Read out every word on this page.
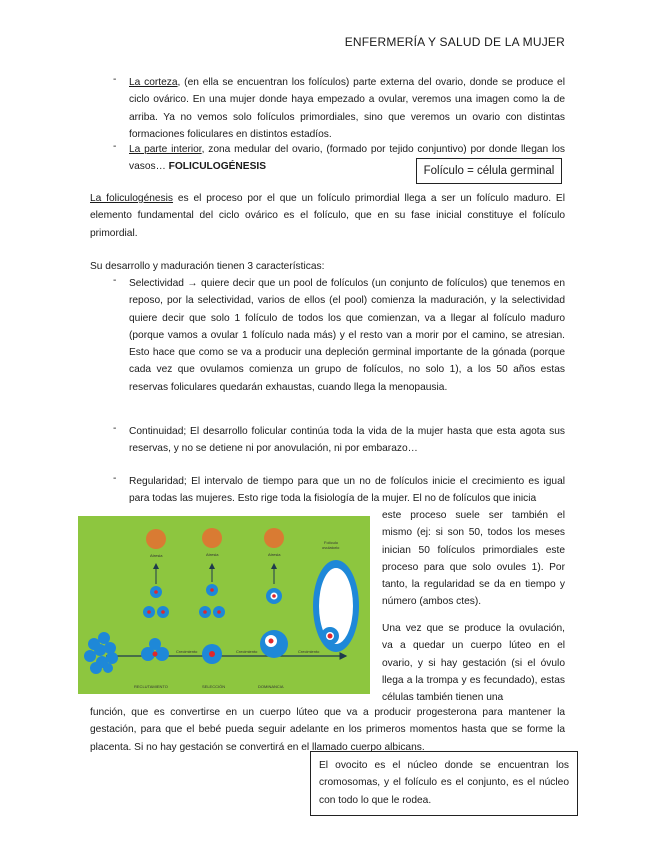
ENFERMERÍA Y SALUD DE LA MUJER
- La corteza, (en ella se encuentran los folículos) parte externa del ovario, donde se produce el ciclo ovárico. En una mujer donde haya empezado a ovular, veremos una imagen como la de arriba. Ya no vemos solo folículos primordiales, sino que veremos un ovario con distintas formaciones foliculares en distintos estadíos.

- La parte interior, zona medular del ovario, (formado por tejido conjuntivo) por donde llegan los vasos… FOLICULOGÉNESIS	Folículo = célula germinal

La foliculogénesis es el proceso por el que un folículo primordial llega a ser un folículo maduro. El elemento fundamental del ciclo ovárico es el folículo, que en su fase inicial constituye el folículo primordial.

Su desarrollo y maduración tienen 3 características:

- Selectividad → quiere decir que un pool de folículos (un conjunto de folículos) que tenemos en reposo, por la selectividad, varios de ellos (el pool) comienza la maduración, y la selectividad quiere decir que solo 1 folículo de todos los que comienzan, va a llegar al folículo maduro (porque vamos a ovular 1 folículo nada más) y el resto van a morir por el camino, se atresian. Esto hace que como se va a producir una depleción germinal importante de la gónada (porque cada vez que ovulamos comienza un grupo de folículos, no solo 1), a los 50 años estas reservas foliculares quedarán exhaustas, cuando llega la menopausia.

- Continuidad; El desarrollo folicular continúa toda la vida de la mujer hasta que esta agota sus reservas, y no se detiene ni por anovulación, ni por embarazo…

- Regularidad; El intervalo de tiempo para que un no de folículos inicie el crecimiento es igual para todas las mujeres. Esto rige toda la fisiología de la mujer. El no de folículos que inicia

este proceso suele ser también el mismo (ej: si son 50, todos los meses inician 50 folículos primordiales este proceso para que solo ovules 1). Por tanto, la regularidad se da en tiempo y número (ambos ctes).

Una vez que se produce la ovulación, va a quedar un cuerpo lúteo en el ovario, y si hay gestación (si el óvulo llega a la trompa y es fecundado), estas células también tienen una

función, que es convertirse en un cuerpo lúteo que va a producir progesterona para mantener la gestación, para que el bebé pueda seguir adelante en los primeros momentos hasta que se forme la placenta. Si no hay gestación se convertirá en el llamado cuerpo albicans.

El ovocito es el núcleo donde se encuentran los cromosomas, y el folículo es el conjunto, es el núcleo con todo lo que le rodea.
Atresia
RECLUTAMIENTO
Crecimiento
Atresia
SELECCIÓN
Crecimiento
Atresia
DOMINANCIA
Crecimiento
Folículo
ovulatorio
